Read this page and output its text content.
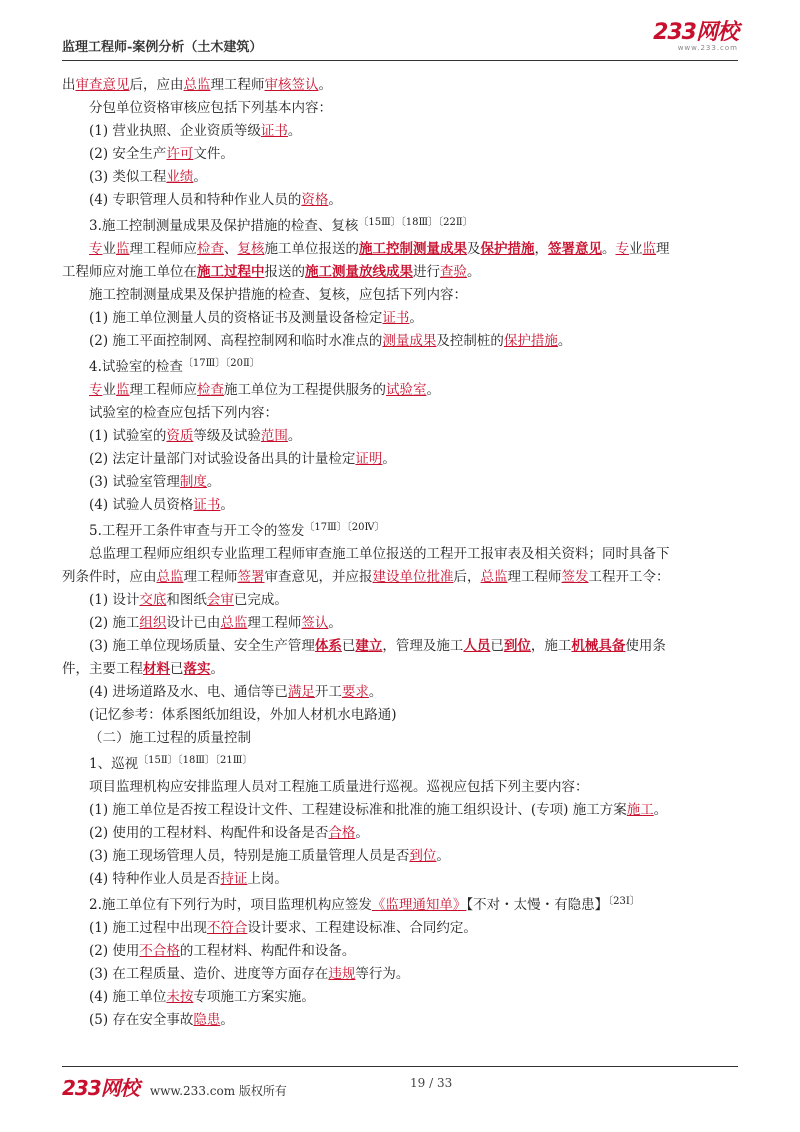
监理工程师-案例分析（土木建筑）
233网校
www.233.com

出审查意见后，应由总监理工程师审核签认。

分包单位资格审核应包括下列基本内容：

(1) 营业执照、企业资质等级证书。

(2) 安全生产许可文件。

(3) 类似工程业绩。

(4) 专职管理人员和特种作业人员的资格。

3.施工控制测量成果及保护措施的检查、复核$^{〔15Ⅲ〕〔18Ⅲ〕〔22Ⅱ〕}$

专业监理工程师应检查、复核施工单位报送的施工控制测量成果及保护措施，签署意见。专业监理

工程师应对施工单位在施工过程中报送的施工测量放线成果进行查验。

施工控制测量成果及保护措施的检查、复核，应包括下列内容：

(1) 施工单位测量人员的资格证书及测量设备检定证书。

(2) 施工平面控制网、高程控制网和临时水准点的测量成果及控制桩的保护措施。

4.试验室的检查$^{〔17Ⅲ〕〔20Ⅱ〕}$

专业监理工程师应检查施工单位为工程提供服务的试验室。

试验室的检查应包括下列内容：

(1) 试验室的资质等级及试验范围。

(2) 法定计量部门对试验设备出具的计量检定证明。

(3) 试验室管理制度。

(4) 试验人员资格证书。

5.工程开工条件审查与开工令的签发$^{〔17Ⅲ〕〔20Ⅳ〕}$

总监理工程师应组织专业监理工程师审查施工单位报送的工程开工报审表及相关资料；同时具备下

列条件时，应由总监理工程师签署审查意见，并应报建设单位批准后，总监理工程师签发工程开工令：

(1) 设计交底和图纸会审已完成。

(2) 施工组织设计已由总监理工程师签认。

(3) 施工单位现场质量、安全生产管理体系已建立，管理及施工人员已到位，施工机械具备使用条

件，主要工程材料已落实。

(4) 进场道路及水、电、通信等已满足开工要求。

(记忆参考：体系图纸加组设，外加人材机水电路通)

（二）施工过程的质量控制

1、巡视$^{〔15Ⅱ〕〔18Ⅲ〕〔21Ⅲ〕}$

项目监理机构应安排监理人员对工程施工质量进行巡视。巡视应包括下列主要内容：

(1) 施工单位是否按工程设计文件、工程建设标准和批准的施工组织设计、(专项) 施工方案施工。

(2) 使用的工程材料、构配件和设备是否合格。

(3) 施工现场管理人员，特别是施工质量管理人员是否到位。

(4) 特种作业人员是否持证上岗。

2.施工单位有下列行为时，项目监理机构应签发《监理通知单》【不对・太慢・有隐患】$^{〔23Ⅰ〕}$

(1) 施工过程中出现不符合设计要求、工程建设标准、合同约定。

(2) 使用不合格的工程材料、构配件和设备。

(3) 在工程质量、造价、进度等方面存在违规等行为。

(4) 施工单位未按专项施工方案实施。

(5) 存在安全事故隐患。

233网校 www.233.com 版权所有
19 / 33
